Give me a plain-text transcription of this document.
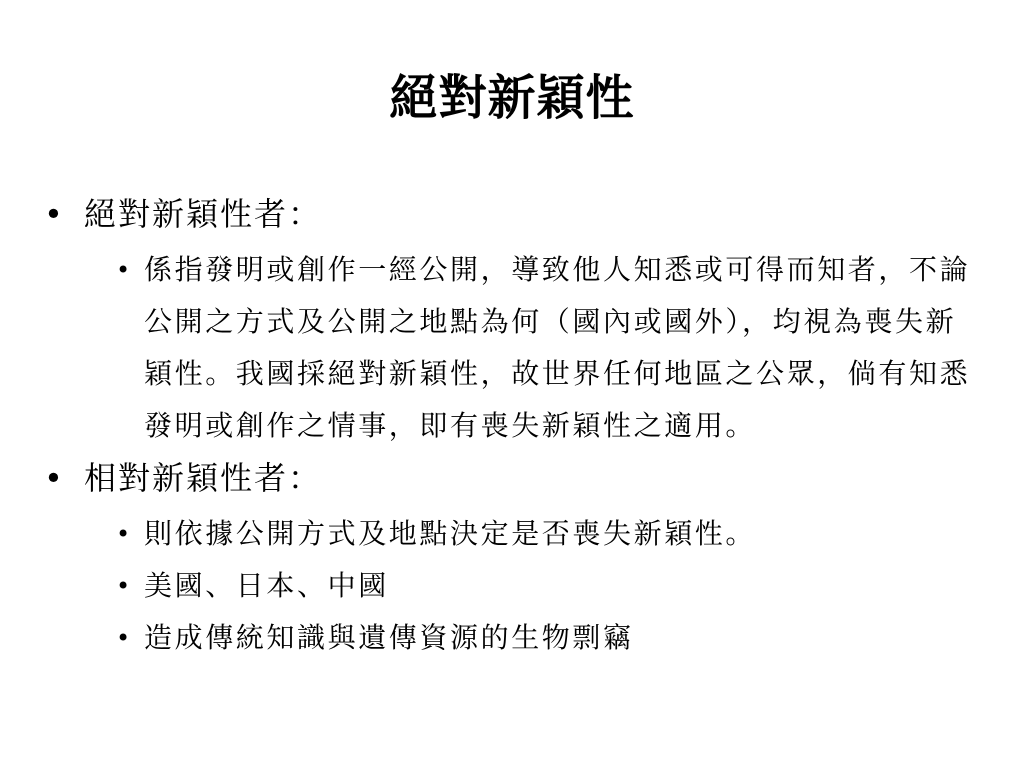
絕對新穎性
• 絕對新穎性者：
• 係指發明或創作一經公開，導致他人知悉或可得而知者，不論公開之方式及公開之地點為何（國內或國外），均視為喪失新穎性。我國採絕對新穎性，故世界任何地區之公眾，倘有知悉發明或創作之情事，即有喪失新穎性之適用。
• 相對新穎性者：
• 則依據公開方式及地點決定是否喪失新穎性。
• 美國、日本、中國
• 造成傳統知識與遺傳資源的生物剽竊
